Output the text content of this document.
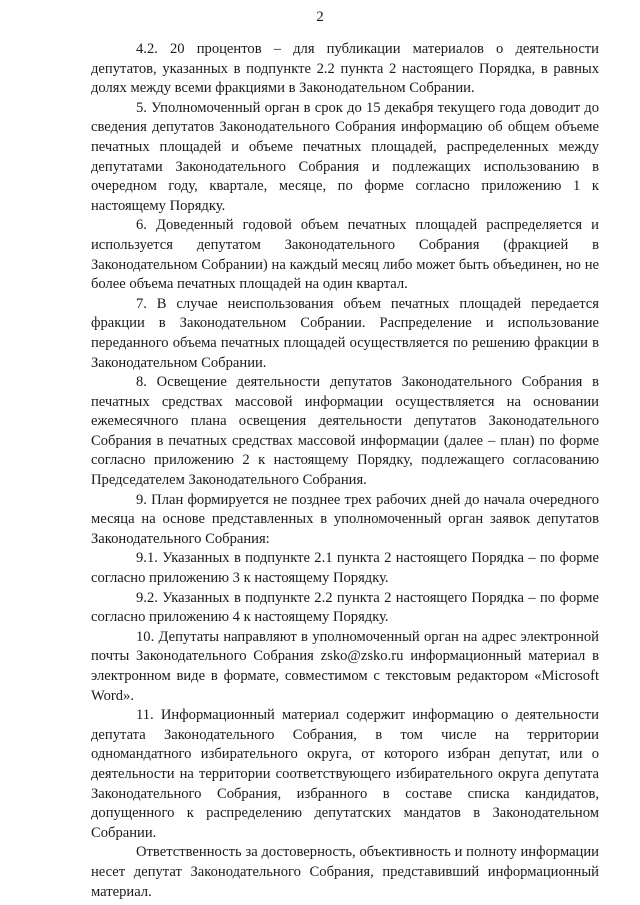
2

4.2. 20 процентов – для публикации материалов о деятельности депутатов, указанных в подпункте 2.2 пункта 2 настоящего Порядка, в равных долях между всеми фракциями в Законодательном Собрании.

5. Уполномоченный орган в срок до 15 декабря текущего года доводит до сведения депутатов Законодательного Собрания информацию об общем объеме печатных площадей и объеме печатных площадей, распределенных между депутатами Законодательного Собрания и подлежащих использованию в очередном году, квартале, месяце, по форме согласно приложению 1 к настоящему Порядку.

6. Доведенный годовой объем печатных площадей распределяется и используется депутатом Законодательного Собрания (фракцией в Законодательном Собрании) на каждый месяц либо может быть объединен, но не более объема печатных площадей на один квартал.

7. В случае неиспользования объем печатных площадей передается фракции в Законодательном Собрании. Распределение и использование переданного объема печатных площадей осуществляется по решению фракции в Законодательном Собрании.

8. Освещение деятельности депутатов Законодательного Собрания в печатных средствах массовой информации осуществляется на основании ежемесячного плана освещения деятельности депутатов Законодательного Собрания в печатных средствах массовой информации (далее – план) по форме согласно приложению 2 к настоящему Порядку, подлежащего согласованию Председателем Законодательного Собрания.

9. План формируется не позднее трех рабочих дней до начала очередного месяца на основе представленных в уполномоченный орган заявок депутатов Законодательного Собрания:

9.1. Указанных в подпункте 2.1 пункта 2 настоящего Порядка – по форме согласно приложению 3 к настоящему Порядку.

9.2. Указанных в подпункте 2.2 пункта 2 настоящего Порядка – по форме согласно приложению 4 к настоящему Порядку.

10. Депутаты направляют в уполномоченный орган на адрес электронной почты Законодательного Собрания zsko@zsko.ru информационный материал в электронном виде в формате, совместимом с текстовым редактором «Microsoft Word».

11. Информационный материал содержит информацию о деятельности депутата Законодательного Собрания, в том числе на территории одномандатного избирательного округа, от которого избран депутат, или о деятельности на территории соответствующего избирательного округа депутата Законодательного Собрания, избранного в составе списка кандидатов, допущенного к распределению депутатских мандатов в Законодательном Собрании.

Ответственность за достоверность, объективность и полноту информации несет депутат Законодательного Собрания, представивший информационный материал.
